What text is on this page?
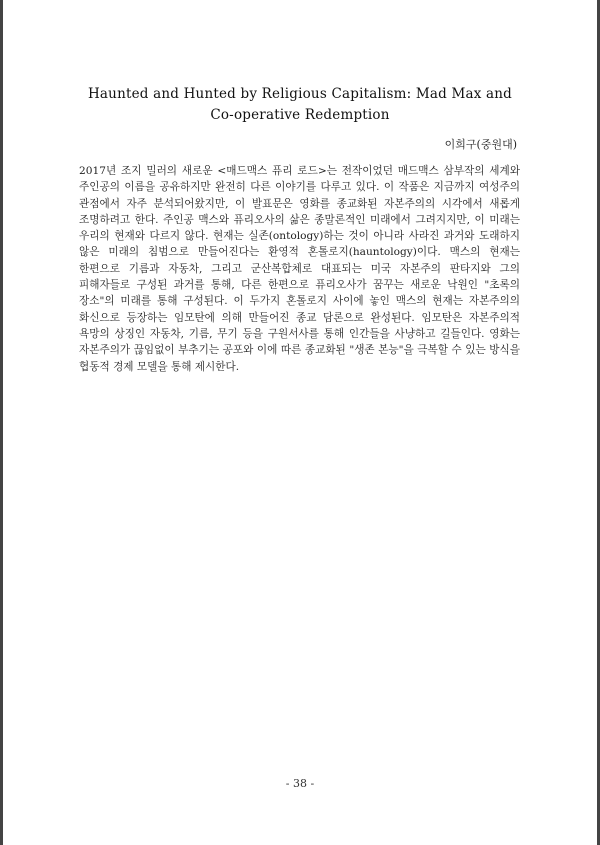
Haunted and Hunted by Religious Capitalism: Mad Max and
Co-operative Redemption
이희구(중원대)

2017년 조지 밀러의 새로운 <매드맥스 퓨리 로드>는 전작이었던 매드맥스 삼부작의 세계와 주인공의 이름을 공유하지만 완전히 다른 이야기를 다루고 있다. 이 작품은 지금까지 여성주의 관점에서 자주 분석되어왔지만, 이 발표문은 영화를 종교화된 자본주의의 시각에서 새롭게 조명하려고 한다. 주인공 맥스와 퓨리오사의 삶은 종말론적인 미래에서 그려지지만, 이 미래는 우리의 현재와 다르지 않다. 현재는 실존(ontology)하는 것이 아니라 사라진 과거와 도래하지 않은 미래의 침범으로 만들어진다는 환영적 혼톨로지(hauntology)이다. 맥스의 현재는 한편으로 기름과 자동차, 그리고 군산복합체로 대표되는 미국 자본주의 판타지와 그의 피해자들로 구성된 과거를 통해, 다른 한편으로 퓨리오사가 꿈꾸는 새로운 낙원인 "초록의 장소"의 미래를 통해 구성된다. 이 두가지 혼톨로지 사이에 놓인 맥스의 현재는 자본주의의 화신으로 등장하는 임모탄에 의해 만들어진 종교 담론으로 완성된다. 임모탄은 자본주의적 욕망의 상징인 자동차, 기름, 무기 등을 구원서사를 통해 인간들을 사냥하고 길들인다. 영화는 자본주의가 끊임없이 부추기는 공포와 이에 따른 종교화된 "생존 본능"을 극복할 수 있는 방식을 협동적 경제 모델을 통해 제시한다.

- 38 -
